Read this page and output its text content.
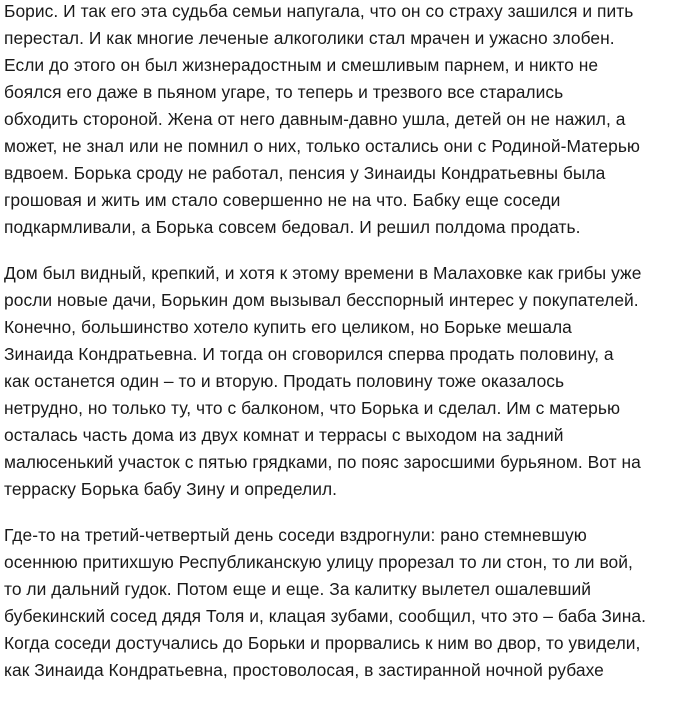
Борис. И так его эта судьба семьи напугала, что он со страху зашился и пить
перестал. И как многие леченые алкоголики стал мрачен и ужасно злобен.
Если до этого он был жизнерадостным и смешливым парнем, и никто не
боялся его даже в пьяном угаре, то теперь и трезвого все старались
обходить стороной. Жена от него давным-давно ушла, детей он не нажил, а
может, не знал или не помнил о них, только остались они с Родиной-Матерью
вдвоем. Борька сроду не работал, пенсия у Зинаиды Кондратьевны была
грошовая и жить им стало совершенно не на что. Бабку еще соседи
подкармливали, а Борька совсем бедовал. И решил полдома продать.

Дом был видный, крепкий, и хотя к этому времени в Малаховке как грибы уже
росли новые дачи, Борькин дом вызывал бесспорный интерес у покупателей.
Конечно, большинство хотело купить его целиком, но Борьке мешала
Зинаида Кондратьевна. И тогда он сговорился сперва продать половину, а
как останется один – то и вторую. Продать половину тоже оказалось
нетрудно, но только ту, что с балконом, что Борька и сделал. Им с матерью
осталась часть дома из двух комнат и террасы с выходом на задний
малюсенький участок с пятью грядками, по пояс заросшими бурьяном. Вот на
терраску Борька бабу Зину и определил.

Где-то на третий-четвертый день соседи вздрогнули: рано стемневшую
осеннюю притихшую Республиканскую улицу прорезал то ли стон, то ли вой,
то ли дальний гудок. Потом еще и еще. За калитку вылетел ошалевший
бубекинский сосед дядя Толя и, клацая зубами, сообщил, что это – баба Зина.
Когда соседи достучались до Борьки и прорвались к ним во двор, то увидели,
как Зинаида Кондратьевна, простоволосая, в застиранной ночной рубахе
